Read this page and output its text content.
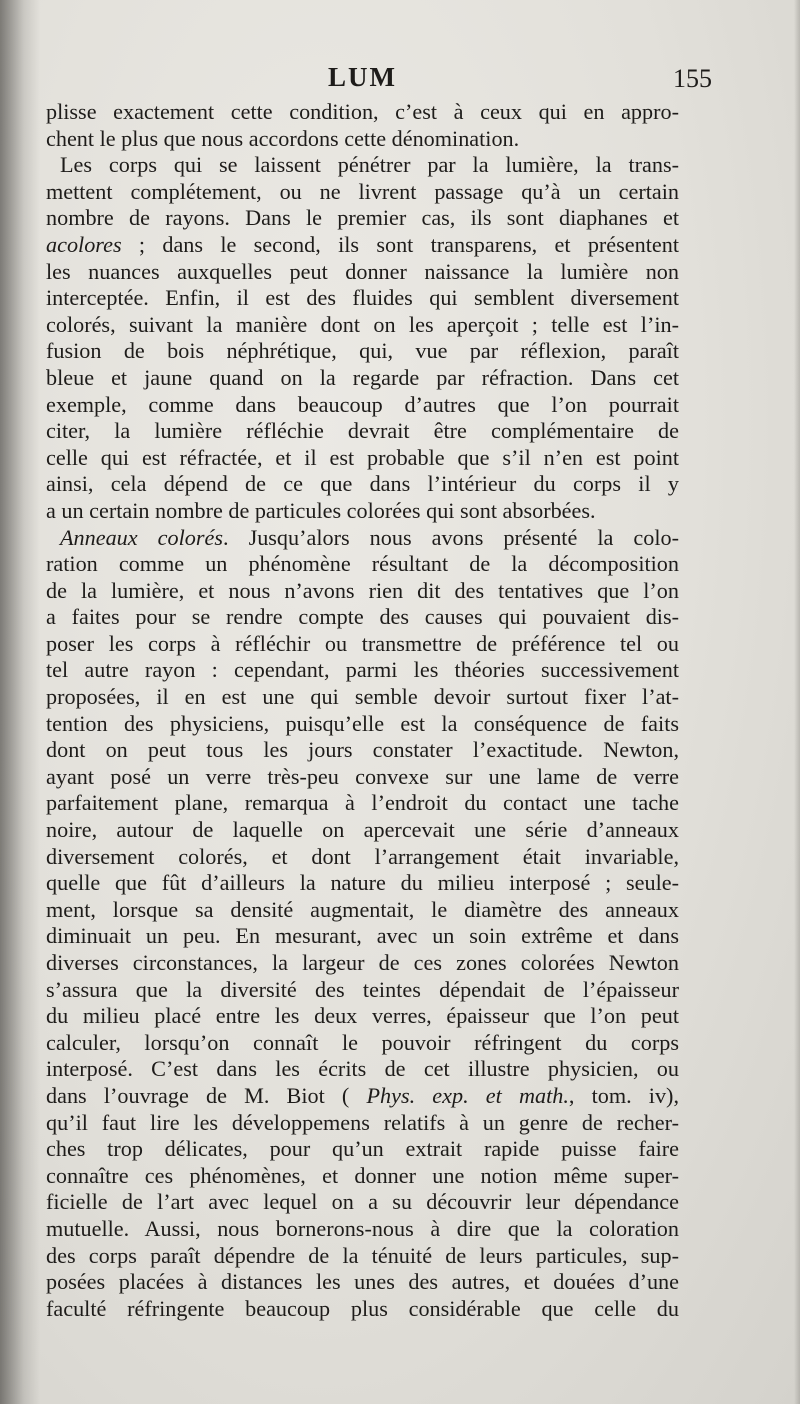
LUM	155
plisse exactement cette condition, c’est à ceux qui en appro-
chent le plus que nous accordons cette dénomination.
Les corps qui se laissent pénétrer par la lumière, la trans-
mettent complétement, ou ne livrent passage qu’à un certain
nombre de rayons. Dans le premier cas, ils sont diaphanes et
acolores ; dans le second, ils sont transparens, et présentent
les nuances auxquelles peut donner naissance la lumière non
interceptée. Enfin, il est des fluides qui semblent diversement
colorés, suivant la manière dont on les aperçoit ; telle est l’in-
fusion de bois néphrétique, qui, vue par réflexion, paraît
bleue et jaune quand on la regarde par réfraction. Dans cet
exemple, comme dans beaucoup d’autres que l’on pourrait
citer, la lumière réfléchie devrait être complémentaire de
celle qui est réfractée, et il est probable que s’il n’en est point
ainsi, cela dépend de ce que dans l’intérieur du corps il y
a un certain nombre de particules colorées qui sont absorbées.
Anneaux colorés. Jusqu’alors nous avons présenté la colo-
ration comme un phénomène résultant de la décomposition
de la lumière, et nous n’avons rien dit des tentatives que l’on
a faites pour se rendre compte des causes qui pouvaient dis-
poser les corps à réfléchir ou transmettre de préférence tel ou
tel autre rayon : cependant, parmi les théories successivement
proposées, il en est une qui semble devoir surtout fixer l’at-
tention des physiciens, puisqu’elle est la conséquence de faits
dont on peut tous les jours constater l’exactitude. Newton,
ayant posé un verre très-peu convexe sur une lame de verre
parfaitement plane, remarqua à l’endroit du contact une tache
noire, autour de laquelle on apercevait une série d’anneaux
diversement colorés, et dont l’arrangement était invariable,
quelle que fût d’ailleurs la nature du milieu interposé ; seule-
ment, lorsque sa densité augmentait, le diamètre des anneaux
diminuait un peu. En mesurant, avec un soin extrême et dans
diverses circonstances, la largeur de ces zones colorées Newton
s’assura que la diversité des teintes dépendait de l’épaisseur
du milieu placé entre les deux verres, épaisseur que l’on peut
calculer, lorsqu’on connaît le pouvoir réfringent du corps
interposé. C’est dans les écrits de cet illustre physicien, ou
dans l’ouvrage de M. Biot ( Phys. exp. et math., tom. iv),
qu’il faut lire les développemens relatifs à un genre de recher-
ches trop délicates, pour qu’un extrait rapide puisse faire
connaître ces phénomènes, et donner une notion même super-
ficielle de l’art avec lequel on a su découvrir leur dépendance
mutuelle. Aussi, nous bornerons-nous à dire que la coloration
des corps paraît dépendre de la ténuité de leurs particules, sup-
posées placées à distances les unes des autres, et douées d’une
faculté réfringente beaucoup plus considérable que celle du
